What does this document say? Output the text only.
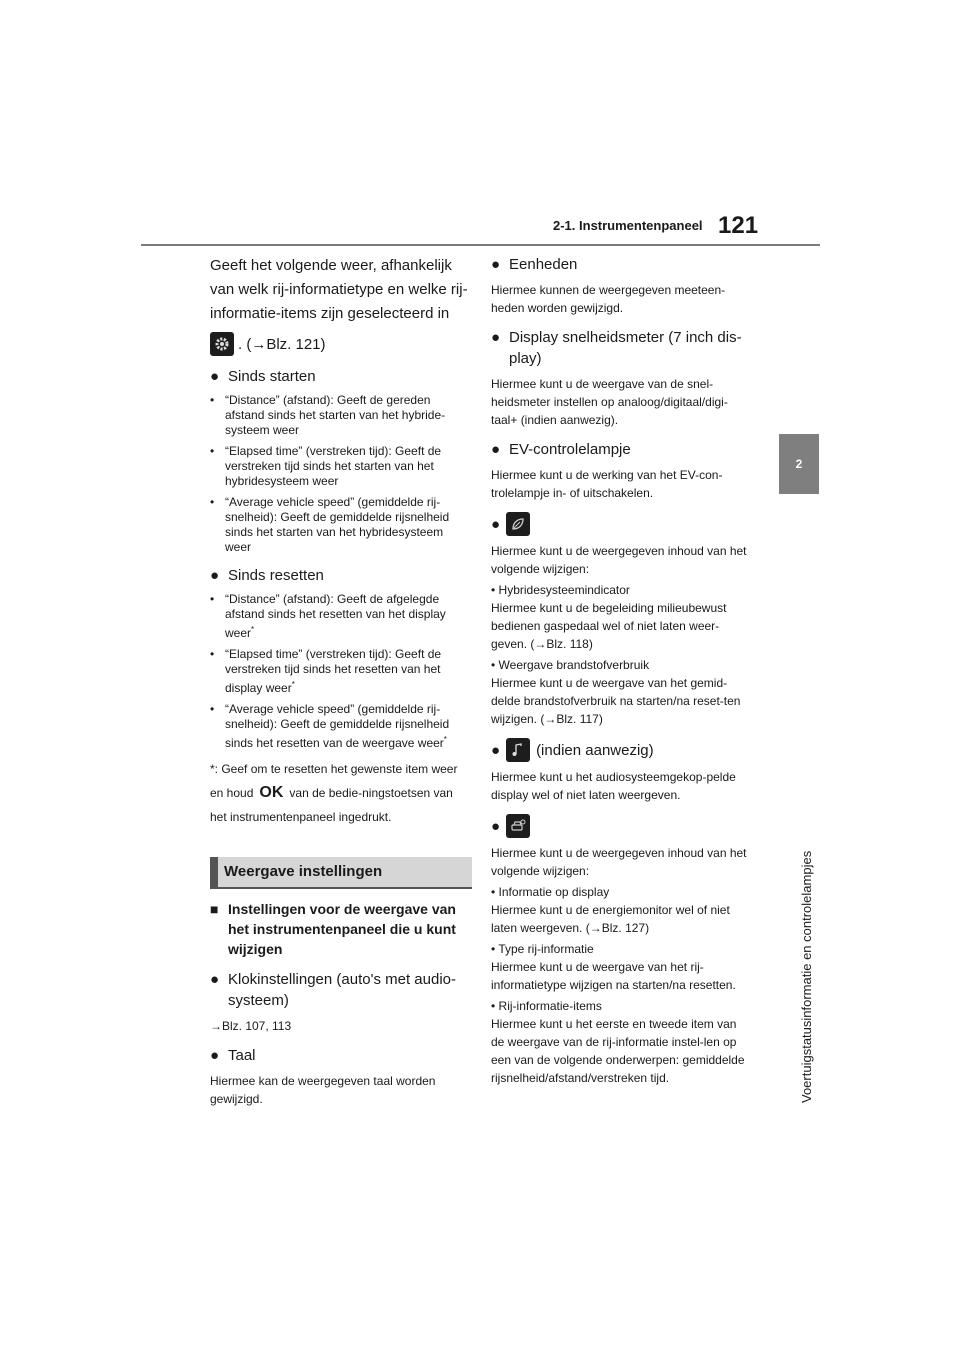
2-1. Instrumentenpaneel 121
2
Voertuigstatusinformatie en controlelampjes
Geeft het volgende weer, afhankelijk van welk rij-informatietype en welke rij-informatie-items zijn geselecteerd in
. (→Blz. 121)
● Sinds starten
• “Distance” (afstand): Geeft de gereden afstand sinds het starten van het hybride-systeem weer
• “Elapsed time” (verstreken tijd): Geeft de verstreken tijd sinds het starten van het hybridesysteem weer
• “Average vehicle speed” (gemiddelde rij-snelheid): Geeft de gemiddelde rijsnelheid sinds het starten van het hybridesysteem weer
● Sinds resetten
• “Distance” (afstand): Geeft de afgelegde afstand sinds het resetten van het display weer*
• “Elapsed time” (verstreken tijd): Geeft de verstreken tijd sinds het resetten van het display weer*
• “Average vehicle speed” (gemiddelde rij-snelheid): Geeft de gemiddelde rijsnelheid sinds het resetten van de weergave weer*
*: Geef om te resetten het gewenste item weer en houd OK van de bedie-ningstoetsen van het instrumentenpaneel ingedrukt.
Weergave instellingen
■ Instellingen voor de weergave van het instrumentenpaneel die u kunt wijzigen
● Klokinstellingen (auto's met audio-systeem)
→Blz. 107, 113
● Taal
Hiermee kan de weergegeven taal worden gewijzigd.
● Eenheden
Hiermee kunnen de weergegeven meeteen-heden worden gewijzigd.
● Display snelheidsmeter (7 inch dis-play)
Hiermee kunt u de weergave van de snel-heidsmeter instellen op analoog/digitaal/digi-taal+ (indien aanwezig).
● EV-controlelampje
Hiermee kunt u de werking van het EV-con-trolelampje in- of uitschakelen.
●
Hiermee kunt u de weergegeven inhoud van het volgende wijzigen:
• Hybridesysteemindicator
Hiermee kunt u de begeleiding milieubewust bedienen gaspedaal wel of niet laten weer-geven. (→Blz. 118)
• Weergave brandstofverbruik
Hiermee kunt u de weergave van het gemid-delde brandstofverbruik na starten/na reset-ten wijzigen. (→Blz. 117)
● (indien aanwezig)
Hiermee kunt u het audiosysteemgekop-pelde display wel of niet laten weergeven.
●
Hiermee kunt u de weergegeven inhoud van het volgende wijzigen:
• Informatie op display
Hiermee kunt u de energiemonitor wel of niet laten weergeven. (→Blz. 127)
• Type rij-informatie
Hiermee kunt u de weergave van het rij-informatietype wijzigen na starten/na resetten.
• Rij-informatie-items
Hiermee kunt u het eerste en tweede item van de weergave van de rij-informatie instel-len op een van de volgende onderwerpen: gemiddelde rijsnelheid/afstand/verstreken tijd.
